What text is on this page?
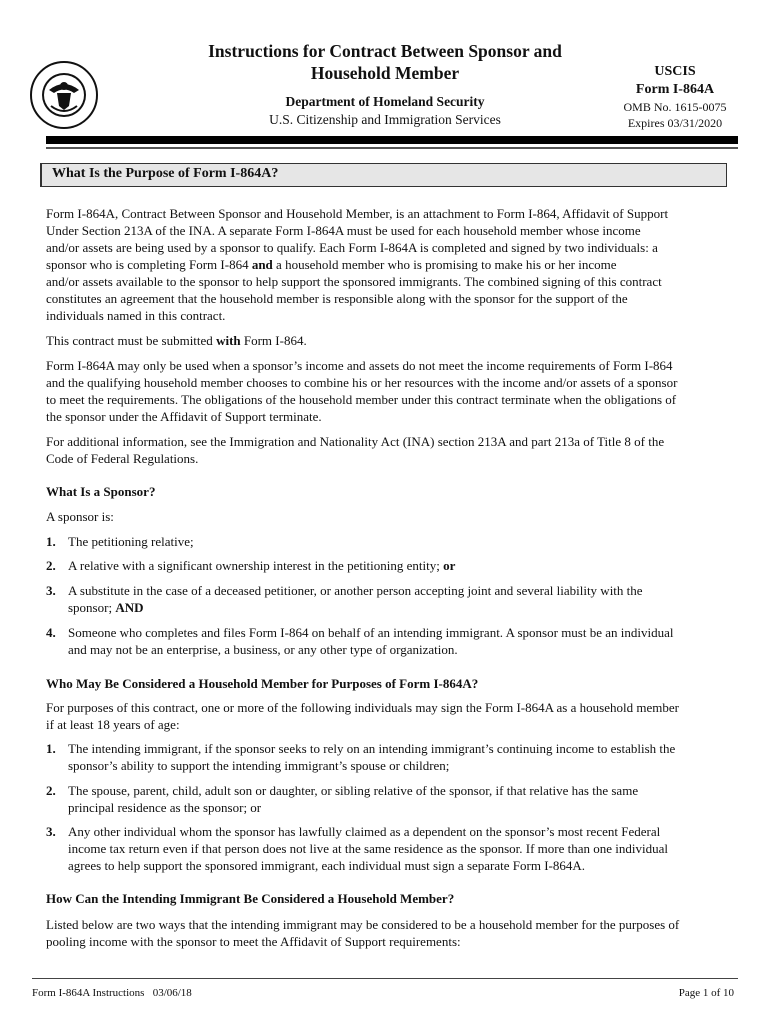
Instructions for Contract Between Sponsor and
Household Member
Department of Homeland Security
U.S. Citizenship and Immigration Services
USCIS
Form I-864A
OMB No. 1615-0075
Expires 03/31/2020
What Is the Purpose of Form I-864A?
Form I-864A, Contract Between Sponsor and Household Member, is an attachment to Form I-864, Affidavit of Support
Under Section 213A of the INA. A separate Form I-864A must be used for each household member whose income
and/or assets are being used by a sponsor to qualify. Each Form I-864A is completed and signed by two individuals: a
sponsor who is completing Form I-864 and a household member who is promising to make his or her income
and/or assets available to the sponsor to help support the sponsored immigrants. The combined signing of this contract
constitutes an agreement that the household member is responsible along with the sponsor for the support of the
individuals named in this contract.
This contract must be submitted with Form I-864.
Form I-864A may only be used when a sponsor’s income and assets do not meet the income requirements of Form I-864
and the qualifying household member chooses to combine his or her resources with the income and/or assets of a sponsor
to meet the requirements. The obligations of the household member under this contract terminate when the obligations of
the sponsor under the Affidavit of Support terminate.
For additional information, see the Immigration and Nationality Act (INA) section 213A and part 213a of Title 8 of the
Code of Federal Regulations.
What Is a Sponsor?
A sponsor is:
1. The petitioning relative;
2. A relative with a significant ownership interest in the petitioning entity; or
3. A substitute in the case of a deceased petitioner, or another person accepting joint and several liability with the
sponsor; AND
4. Someone who completes and files Form I-864 on behalf of an intending immigrant. A sponsor must be an individual
and may not be an enterprise, a business, or any other type of organization.
Who May Be Considered a Household Member for Purposes of Form I-864A?
For purposes of this contract, one or more of the following individuals may sign the Form I-864A as a household member
if at least 18 years of age:
1. The intending immigrant, if the sponsor seeks to rely on an intending immigrant’s continuing income to establish the
sponsor’s ability to support the intending immigrant’s spouse or children;
2. The spouse, parent, child, adult son or daughter, or sibling relative of the sponsor, if that relative has the same
principal residence as the sponsor; or
3. Any other individual whom the sponsor has lawfully claimed as a dependent on the sponsor’s most recent Federal
income tax return even if that person does not live at the same residence as the sponsor. If more than one individual
agrees to help support the sponsored immigrant, each individual must sign a separate Form I-864A.
How Can the Intending Immigrant Be Considered a Household Member?
Listed below are two ways that the intending immigrant may be considered to be a household member for the purposes of
pooling income with the sponsor to meet the Affidavit of Support requirements:
Form I-864A Instructions   03/06/18	Page 1 of 10
